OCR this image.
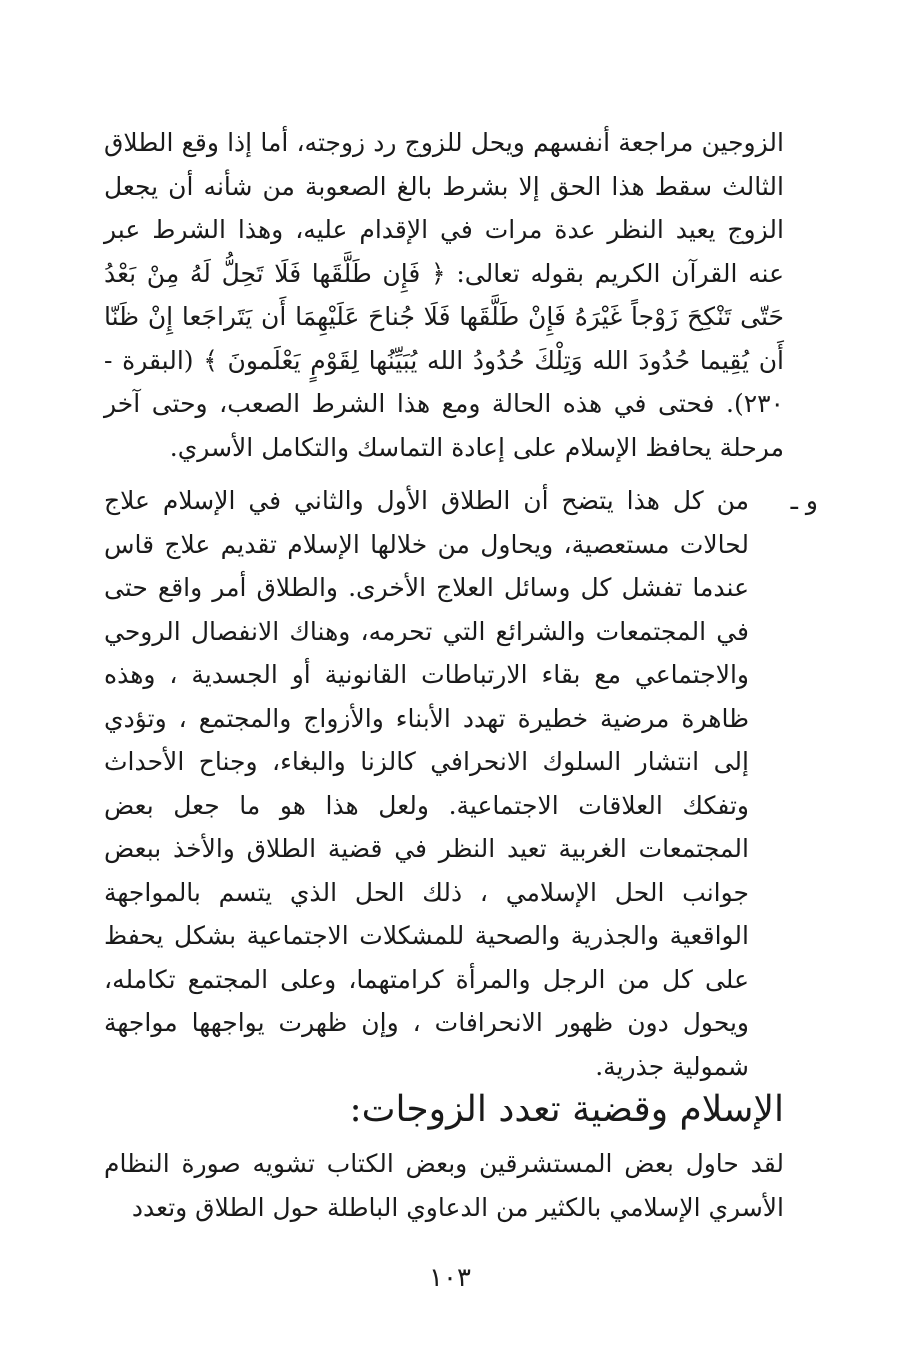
الزوجين مراجعة أنفسهم ويحل للزوج رد زوجته، أما إذا وقع الطلاق الثالث سقط هذا الحق إلا بشرط بالغ الصعوبة من شأنه أن يجعل الزوج يعيد النظر عدة مرات في الإقدام عليه، وهذا الشرط عبر عنه القرآن الكريم بقوله تعالى: ﴿ فَإِن طَلَّقَها فَلَا تَحِلُّ لَهُ مِنْ بَعْدُ حَتّى تَنْكِحَ زَوْجاً غَيْرَهُ فَإِنْ طَلَّقَها فَلَا جُناحَ عَلَيْهِمَا أَن يَتَراجَعا إِنْ ظَنّا أَن يُقِيما حُدُودَ الله وَتِلْكَ حُدُودُ الله يُبَيِّنُها لِقَوْمٍ يَعْلَمونَ ﴾ (البقرة - ٢٣٠). فحتى في هذه الحالة ومع هذا الشرط الصعب، وحتى آخر مرحلة يحافظ الإسلام على إعادة التماسك والتكامل الأسري.

و ـ

من كل هذا يتضح أن الطلاق الأول والثاني في الإسلام علاج لحالات مستعصية، ويحاول من خلالها الإسلام تقديم علاج قاس عندما تفشل كل وسائل العلاج الأخرى. والطلاق أمر واقع حتى في المجتمعات والشرائع التي تحرمه، وهناك الانفصال الروحي والاجتماعي مع بقاء الارتباطات القانونية أو الجسدية ، وهذه ظاهرة مرضية خطيرة تهدد الأبناء والأزواج والمجتمع ، وتؤدي إلى انتشار السلوك الانحرافي كالزنا والبغاء، وجناح الأحداث وتفكك العلاقات الاجتماعية. ولعل هذا هو ما جعل بعض المجتمعات الغربية تعيد النظر في قضية الطلاق والأخذ ببعض جوانب الحل الإسلامي ، ذلك الحل الذي يتسم بالمواجهة الواقعية والجذرية والصحية للمشكلات الاجتماعية بشكل يحفظ على كل من الرجل والمرأة كرامتهما، وعلى المجتمع تكامله، ويحول دون ظهور الانحرافات ، وإن ظهرت يواجهها مواجهة شمولية جذرية.

الإسلام وقضية تعدد الزوجات:

لقد حاول بعض المستشرقين وبعض الكتاب تشويه صورة النظام الأسري الإسلامي بالكثير من الدعاوي الباطلة حول الطلاق وتعدد

١٠٣
